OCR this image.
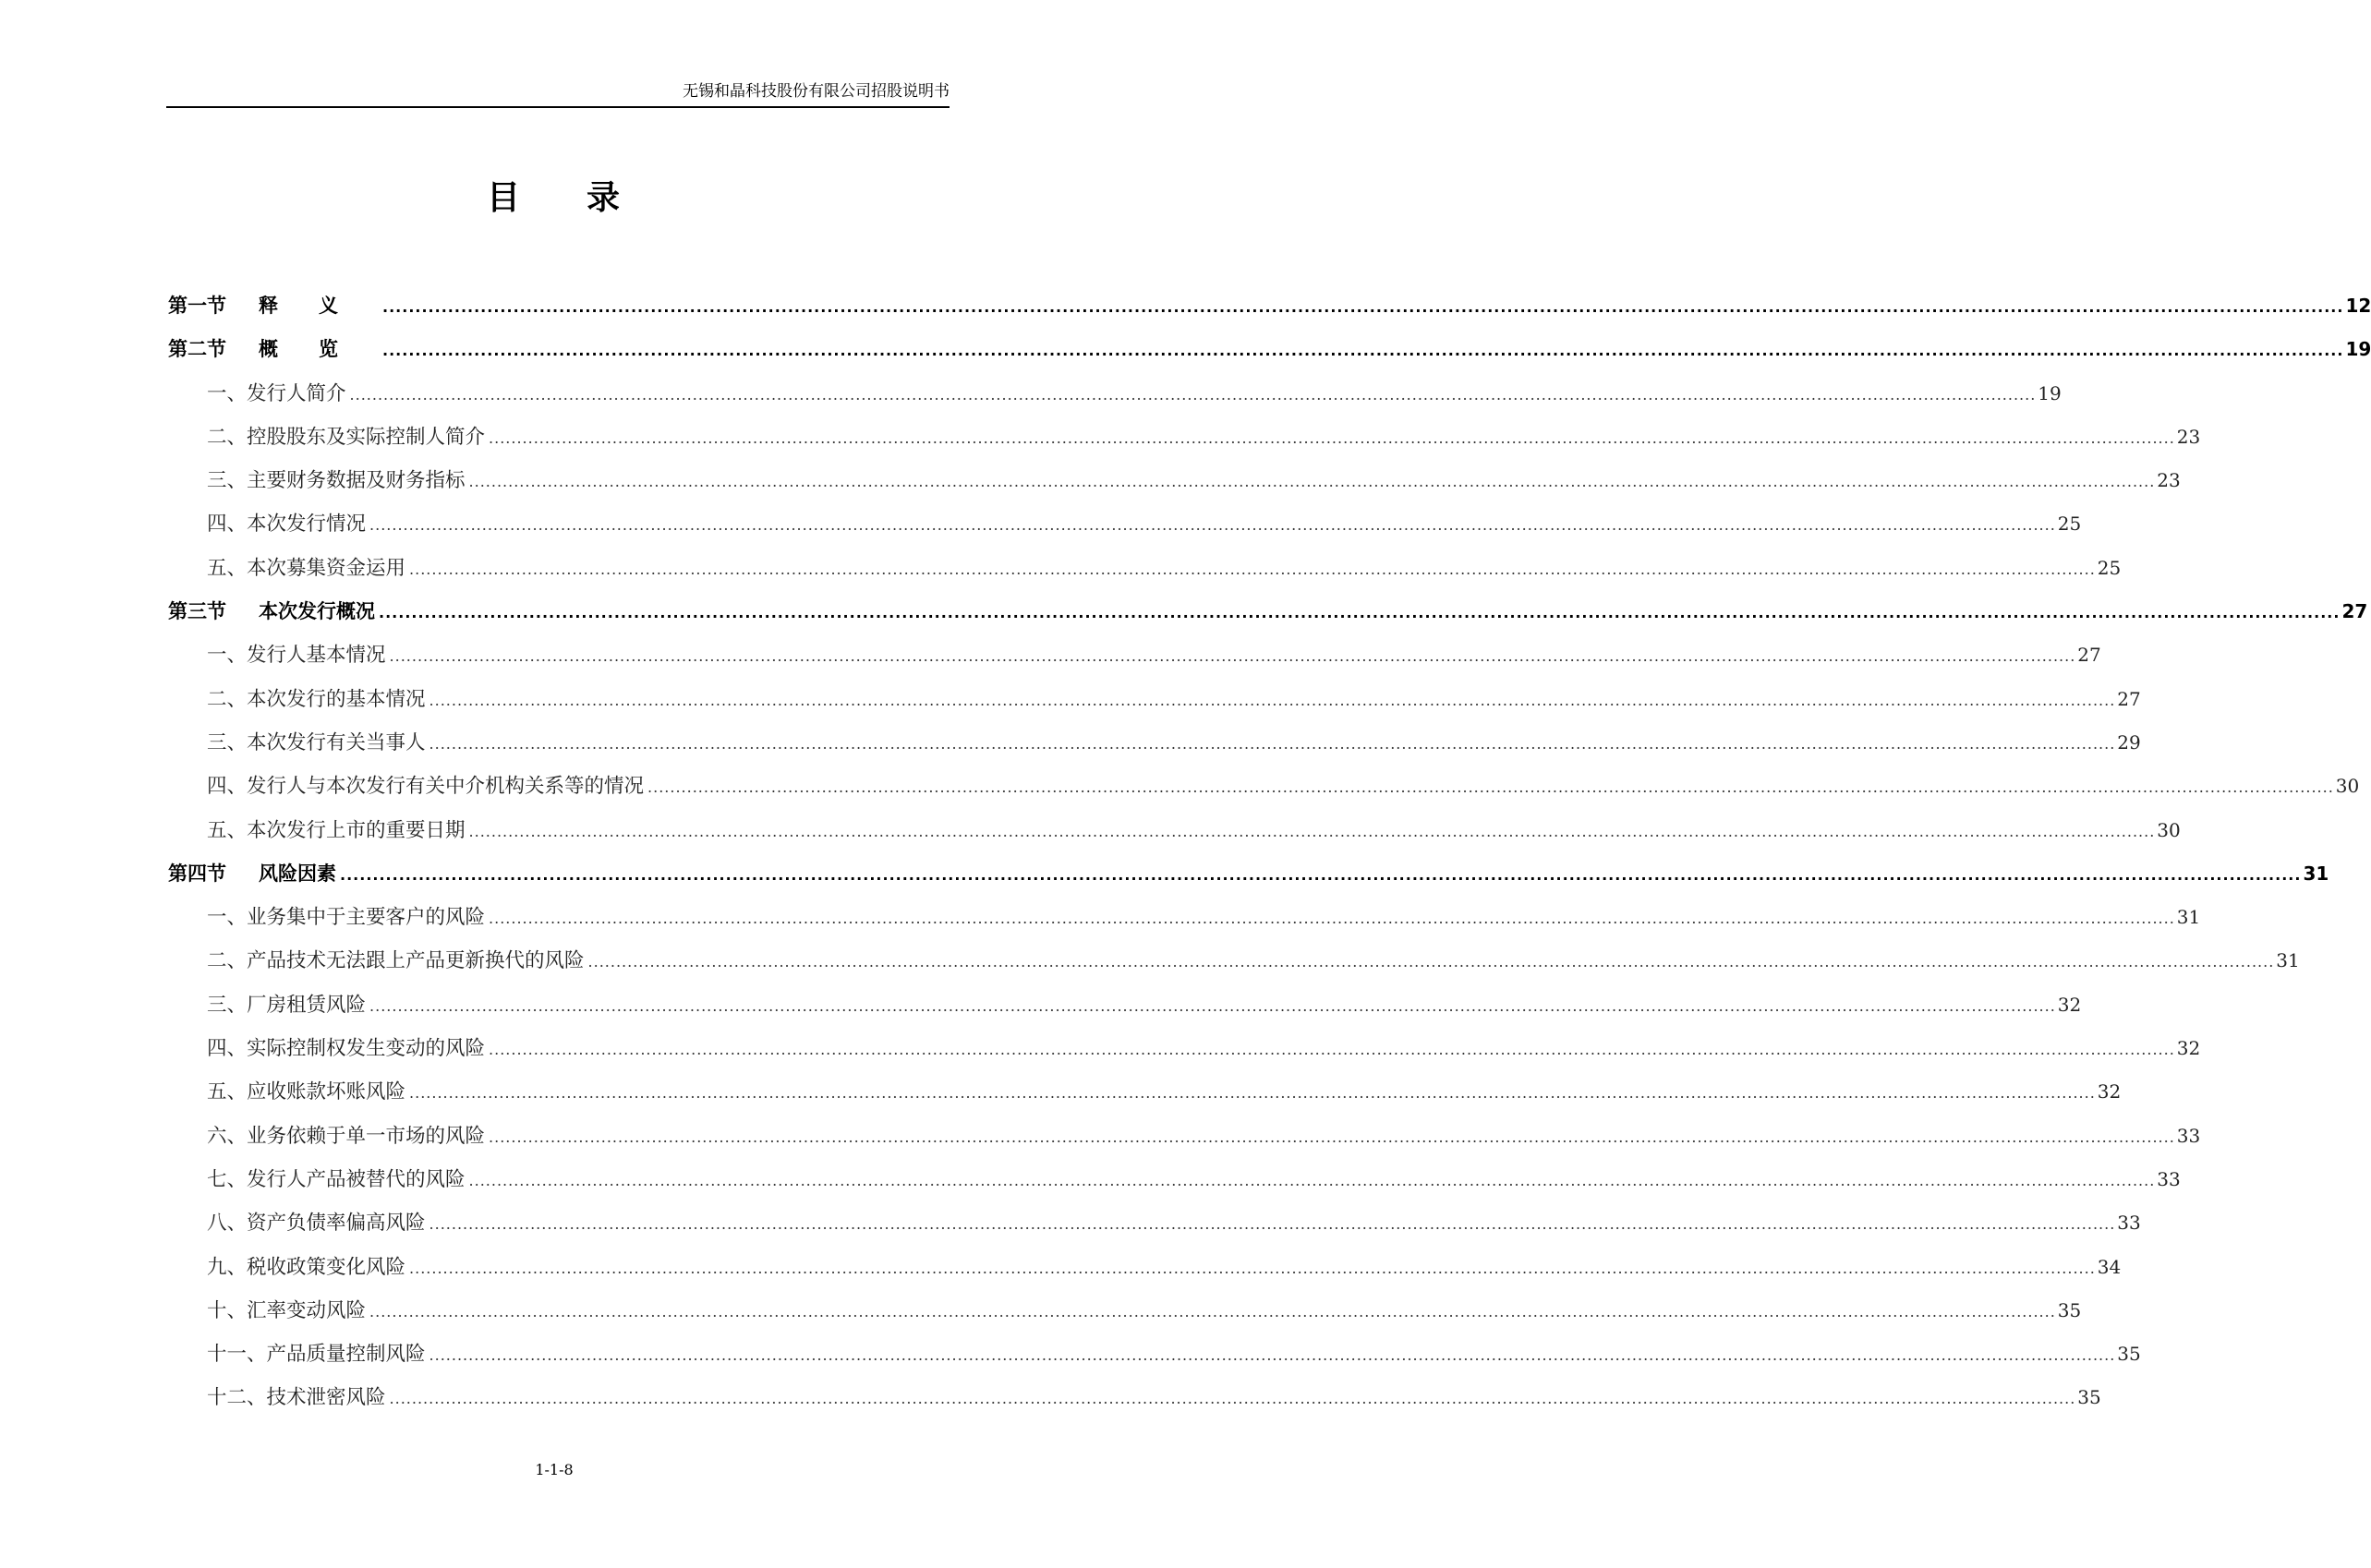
无锡和晶科技股份有限公司招股说明书
目 录
第一节 释义 ............................................................................................................................................................................................................................................................................................................ 12
第二节 概览 ............................................................................................................................................................................................................................................................................................................ 19
一、发行人简介 ............................................................................................................................................................................................................................................................................................................ 19
二、控股股东及实际控制人简介 ............................................................................................................................................................................................................................................................................................................ 23
三、主要财务数据及财务指标 ............................................................................................................................................................................................................................................................................................................ 23
四、本次发行情况 ............................................................................................................................................................................................................................................................................................................ 25
五、本次募集资金运用 ............................................................................................................................................................................................................................................................................................................ 25
第三节 本次发行概况 ............................................................................................................................................................................................................................................................................................................ 27
一、发行人基本情况 ............................................................................................................................................................................................................................................................................................................ 27
二、本次发行的基本情况 ............................................................................................................................................................................................................................................................................................................ 27
三、本次发行有关当事人 ............................................................................................................................................................................................................................................................................................................ 29
四、发行人与本次发行有关中介机构关系等的情况 ............................................................................................................................................................................................................................................................................................................ 30
五、本次发行上市的重要日期 ............................................................................................................................................................................................................................................................................................................ 30
第四节 风险因素 ............................................................................................................................................................................................................................................................................................................ 31
一、业务集中于主要客户的风险 ............................................................................................................................................................................................................................................................................................................ 31
二、产品技术无法跟上产品更新换代的风险 ............................................................................................................................................................................................................................................................................................................ 31
三、厂房租赁风险 ............................................................................................................................................................................................................................................................................................................ 32
四、实际控制权发生变动的风险 ............................................................................................................................................................................................................................................................................................................ 32
五、应收账款坏账风险 ............................................................................................................................................................................................................................................................................................................ 32
六、业务依赖于单一市场的风险 ............................................................................................................................................................................................................................................................................................................ 33
七、发行人产品被替代的风险 ............................................................................................................................................................................................................................................................................................................ 33
八、资产负债率偏高风险 ............................................................................................................................................................................................................................................................................................................ 33
九、税收政策变化风险 ............................................................................................................................................................................................................................................................................................................ 34
十、汇率变动风险 ............................................................................................................................................................................................................................................................................................................ 35
十一、产品质量控制风险 ............................................................................................................................................................................................................................................................................................................ 35
十二、技术泄密风险 ............................................................................................................................................................................................................................................................................................................ 35
1-1-8
